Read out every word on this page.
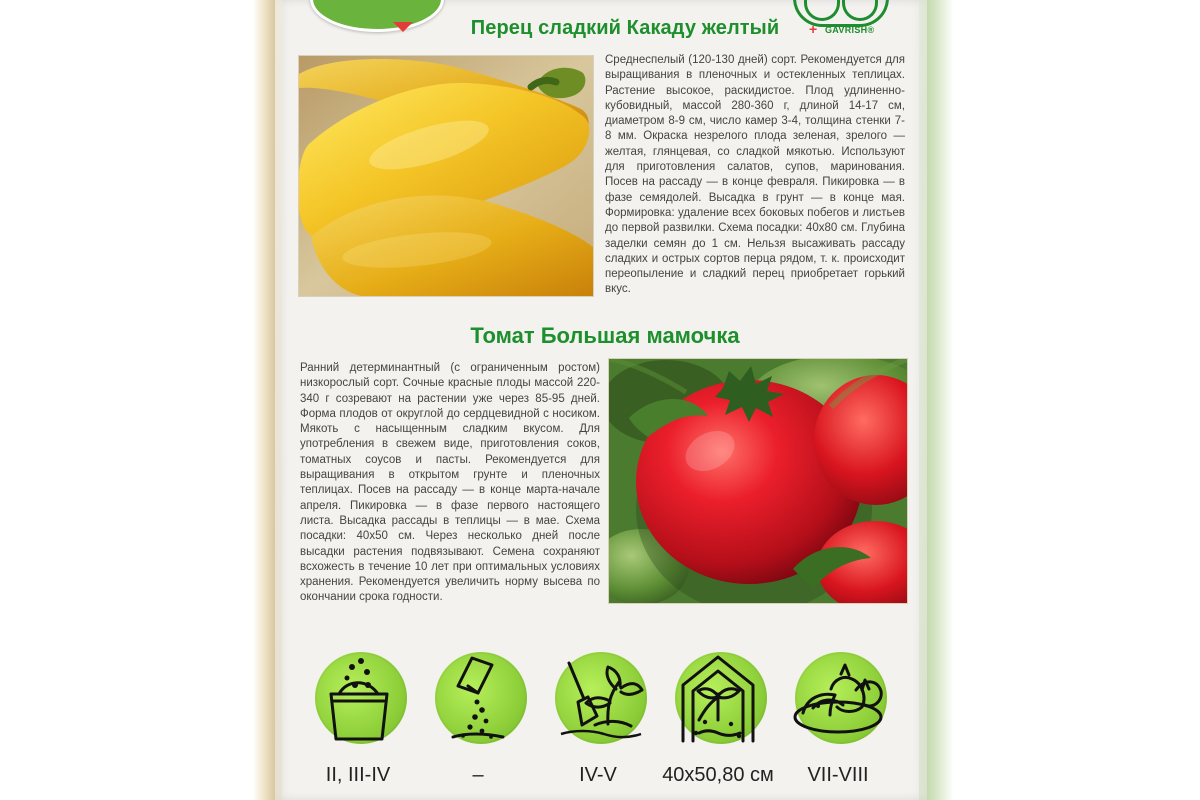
Перец сладкий Какаду желтый	+ GAVRISH®
Среднеспелый (120-130 дней) сорт. Рекомендуется для выращивания в пленочных и остекленных теплицах. Растение высокое, раскидистое. Плод удлиненно-кубовидный, массой 280-360 г, длиной 14-17 см, диаметром 8-9 см, число камер 3-4, толщина стенки 7-8 мм. Окраска незрелого плода зеленая, зрелого — желтая, глянцевая, со сладкой мякотью. Используют для приготовления салатов, супов, маринования. Посев на рассаду — в конце февраля. Пикировка — в фазе семядолей. Высадка в грунт — в конце мая. Формировка: удаление всех боковых побегов и листьев до первой развилки. Схема посадки: 40х80 см. Глубина заделки семян до 1 см. Нельзя высаживать рассаду сладких и острых сортов перца рядом, т. к. происходит переопыление и сладкий перец приобретает горький вкус.
Томат Большая мамочка
Ранний детерминантный (с ограниченным ростом) низкорослый сорт. Сочные красные плоды массой 220-340 г созревают на растении уже через 85-95 дней. Форма плодов от округлой до сердцевидной с носиком. Мякоть с насыщенным сладким вкусом. Для употребления в свежем виде, приготовления соков, томатных соусов и пасты. Рекомендуется для выращивания в открытом грунте и пленочных теплицах. Посев на рассаду — в конце марта-начале апреля. Пикировка — в фазе первого настоящего листа. Высадка рассады в теплицы — в мае. Схема посадки: 40х50 см. Через несколько дней после высадки растения подвязывают. Семена сохраняют всхожесть в течение 10 лет при оптимальных условиях хранения. Рекомендуется увеличить норму высева по окончании срока годности.
II, III-IV	–	IV-V	40x50,80 см	VII-VIII
